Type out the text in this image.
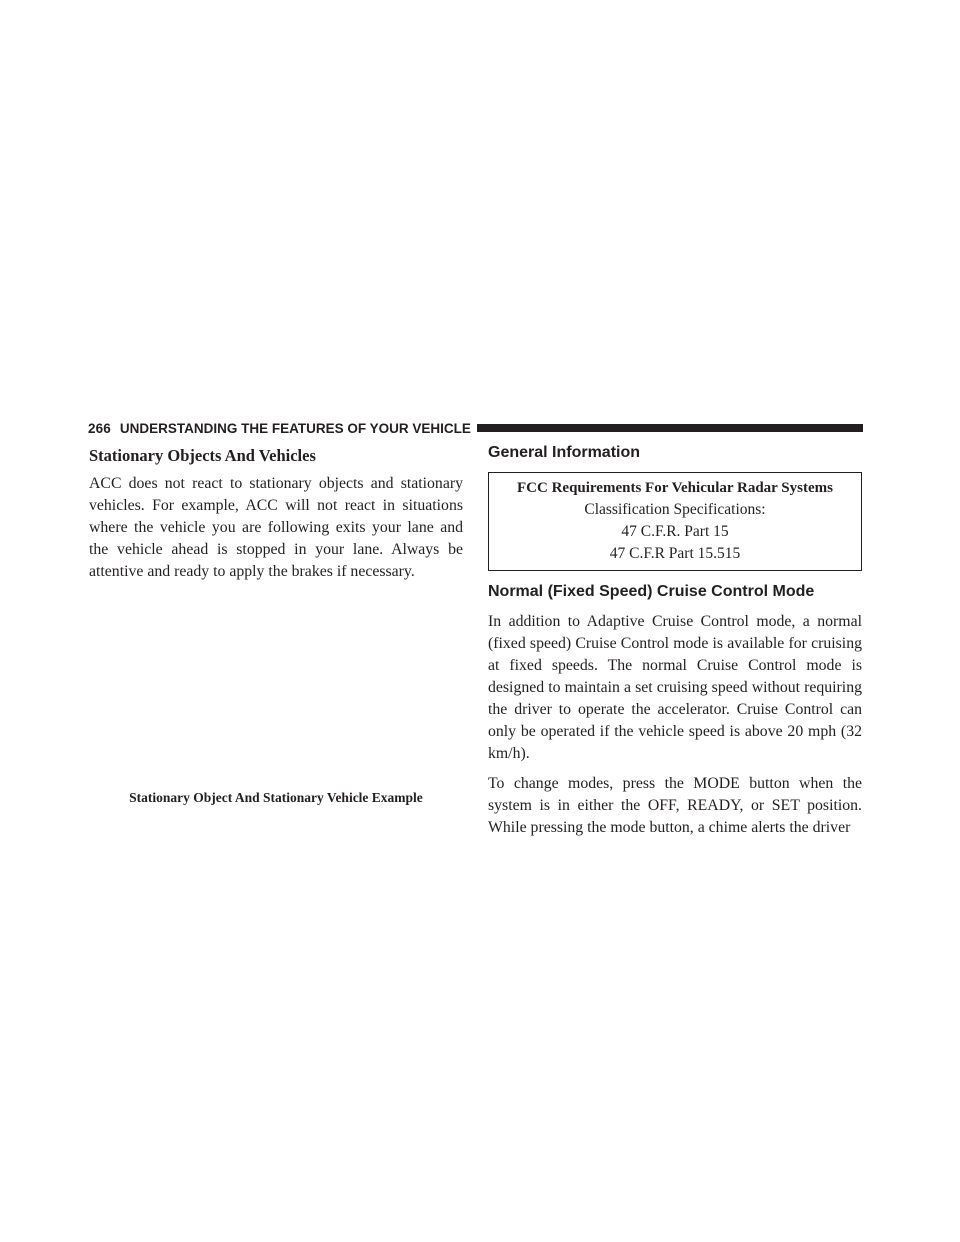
266 UNDERSTANDING THE FEATURES OF YOUR VEHICLE
Stationary Objects And Vehicles

ACC does not react to stationary objects and stationary vehicles. For example, ACC will not react in situations where the vehicle you are following exits your lane and the vehicle ahead is stopped in your lane. Always be attentive and ready to apply the brakes if necessary.

Stationary Object And Stationary Vehicle Example
General Information
FCC Requirements For Vehicular Radar Systems
Classification Specifications:
47 C.F.R. Part 15
47 C.F.R Part 15.515
Normal (Fixed Speed) Cruise Control Mode

In addition to Adaptive Cruise Control mode, a normal (fixed speed) Cruise Control mode is available for cruising at fixed speeds. The normal Cruise Control mode is designed to maintain a set cruising speed without requiring the driver to operate the accelerator. Cruise Control can only be operated if the vehicle speed is above 20 mph (32 km/h).

To change modes, press the MODE button when the system is in either the OFF, READY, or SET position. While pressing the mode button, a chime alerts the driver
